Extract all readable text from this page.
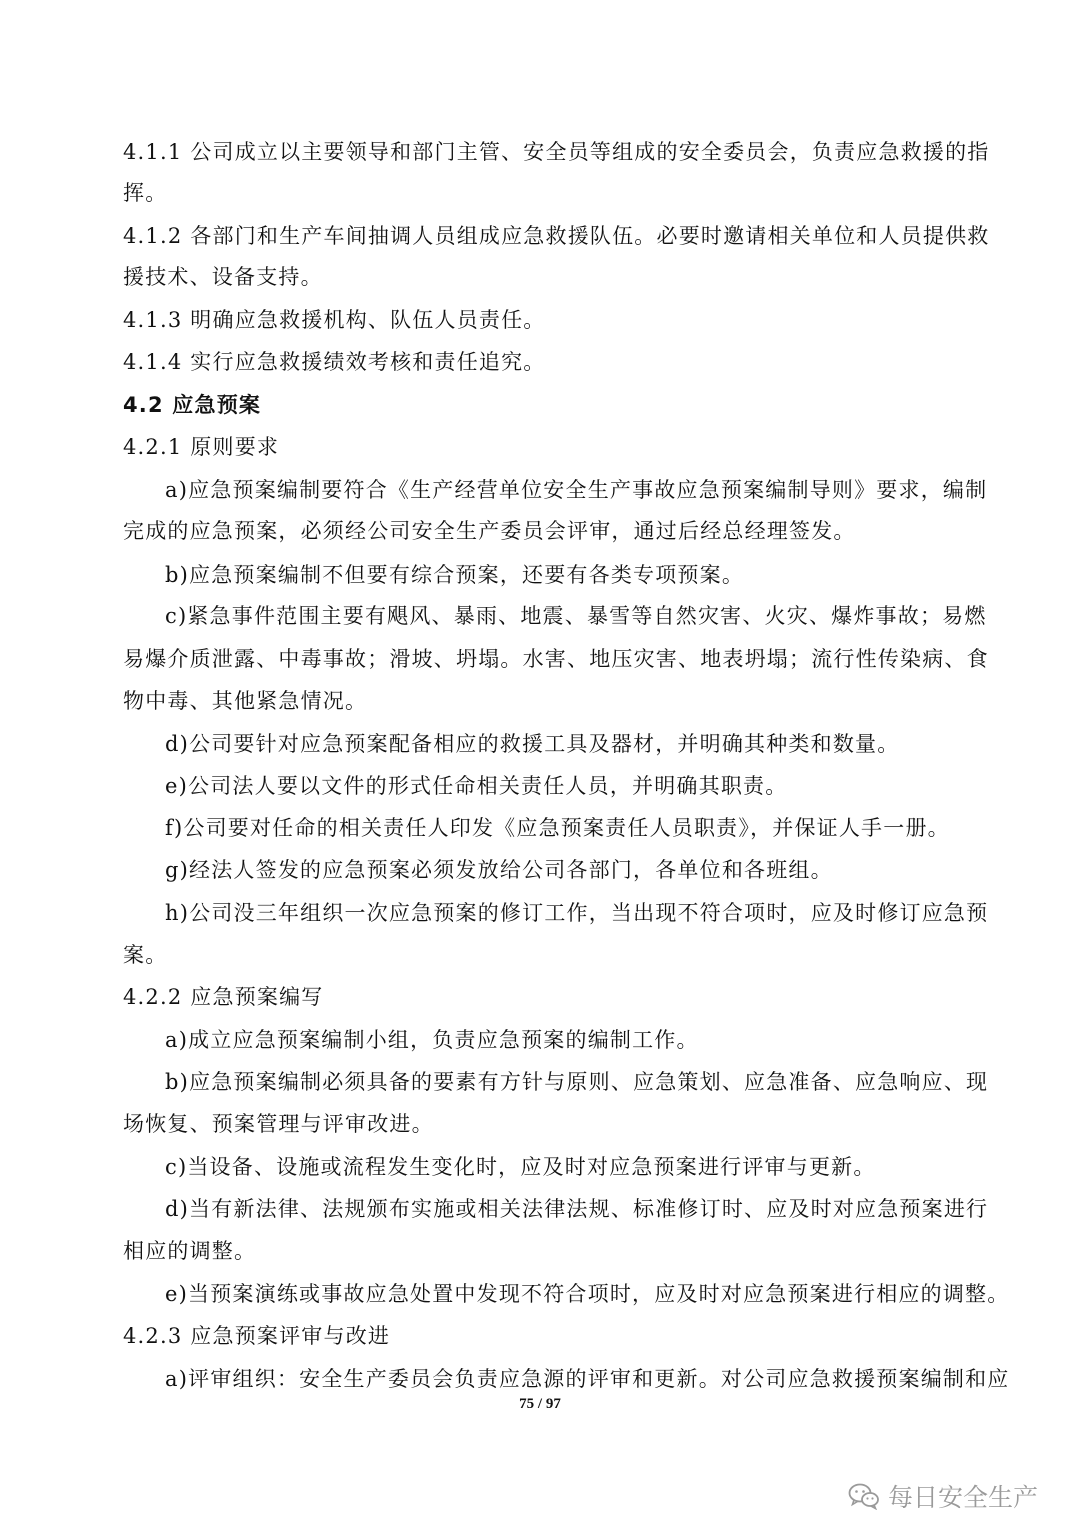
4.1.1 公司成立以主要领导和部门主管、安全员等组成的安全委员会，负责应急救援的指
挥。
4.1.2 各部门和生产车间抽调人员组成应急救援队伍。必要时邀请相关单位和人员提供救
援技术、设备支持。
4.1.3 明确应急救援机构、队伍人员责任。
4.1.4 实行应急救援绩效考核和责任追究。
4.2 应急预案
4.2.1 原则要求
a)应急预案编制要符合《生产经营单位安全生产事故应急预案编制导则》要求，编制
完成的应急预案，必须经公司安全生产委员会评审，通过后经总经理签发。
b)应急预案编制不但要有综合预案，还要有各类专项预案。
c)紧急事件范围主要有飓风、暴雨、地震、暴雪等自然灾害、火灾、爆炸事故；易燃
易爆介质泄露、中毒事故；滑坡、坍塌。水害、地压灾害、地表坍塌；流行性传染病、食
物中毒、其他紧急情况。
d)公司要针对应急预案配备相应的救援工具及器材，并明确其种类和数量。
e)公司法人要以文件的形式任命相关责任人员，并明确其职责。
f)公司要对任命的相关责任人印发《应急预案责任人员职责》，并保证人手一册。
g)经法人签发的应急预案必须发放给公司各部门，各单位和各班组。
h)公司没三年组织一次应急预案的修订工作，当出现不符合项时，应及时修订应急预
案。
4.2.2 应急预案编写
a)成立应急预案编制小组，负责应急预案的编制工作。
b)应急预案编制必须具备的要素有方针与原则、应急策划、应急准备、应急响应、现
场恢复、预案管理与评审改进。
c)当设备、设施或流程发生变化时，应及时对应急预案进行评审与更新。
d)当有新法律、法规颁布实施或相关法律法规、标准修订时、应及时对应急预案进行
相应的调整。
e)当预案演练或事故应急处置中发现不符合项时，应及时对应急预案进行相应的调整。
4.2.3 应急预案评审与改进
a)评审组织：安全生产委员会负责应急源的评审和更新。对公司应急救援预案编制和应
75 / 97
每日安全生产
